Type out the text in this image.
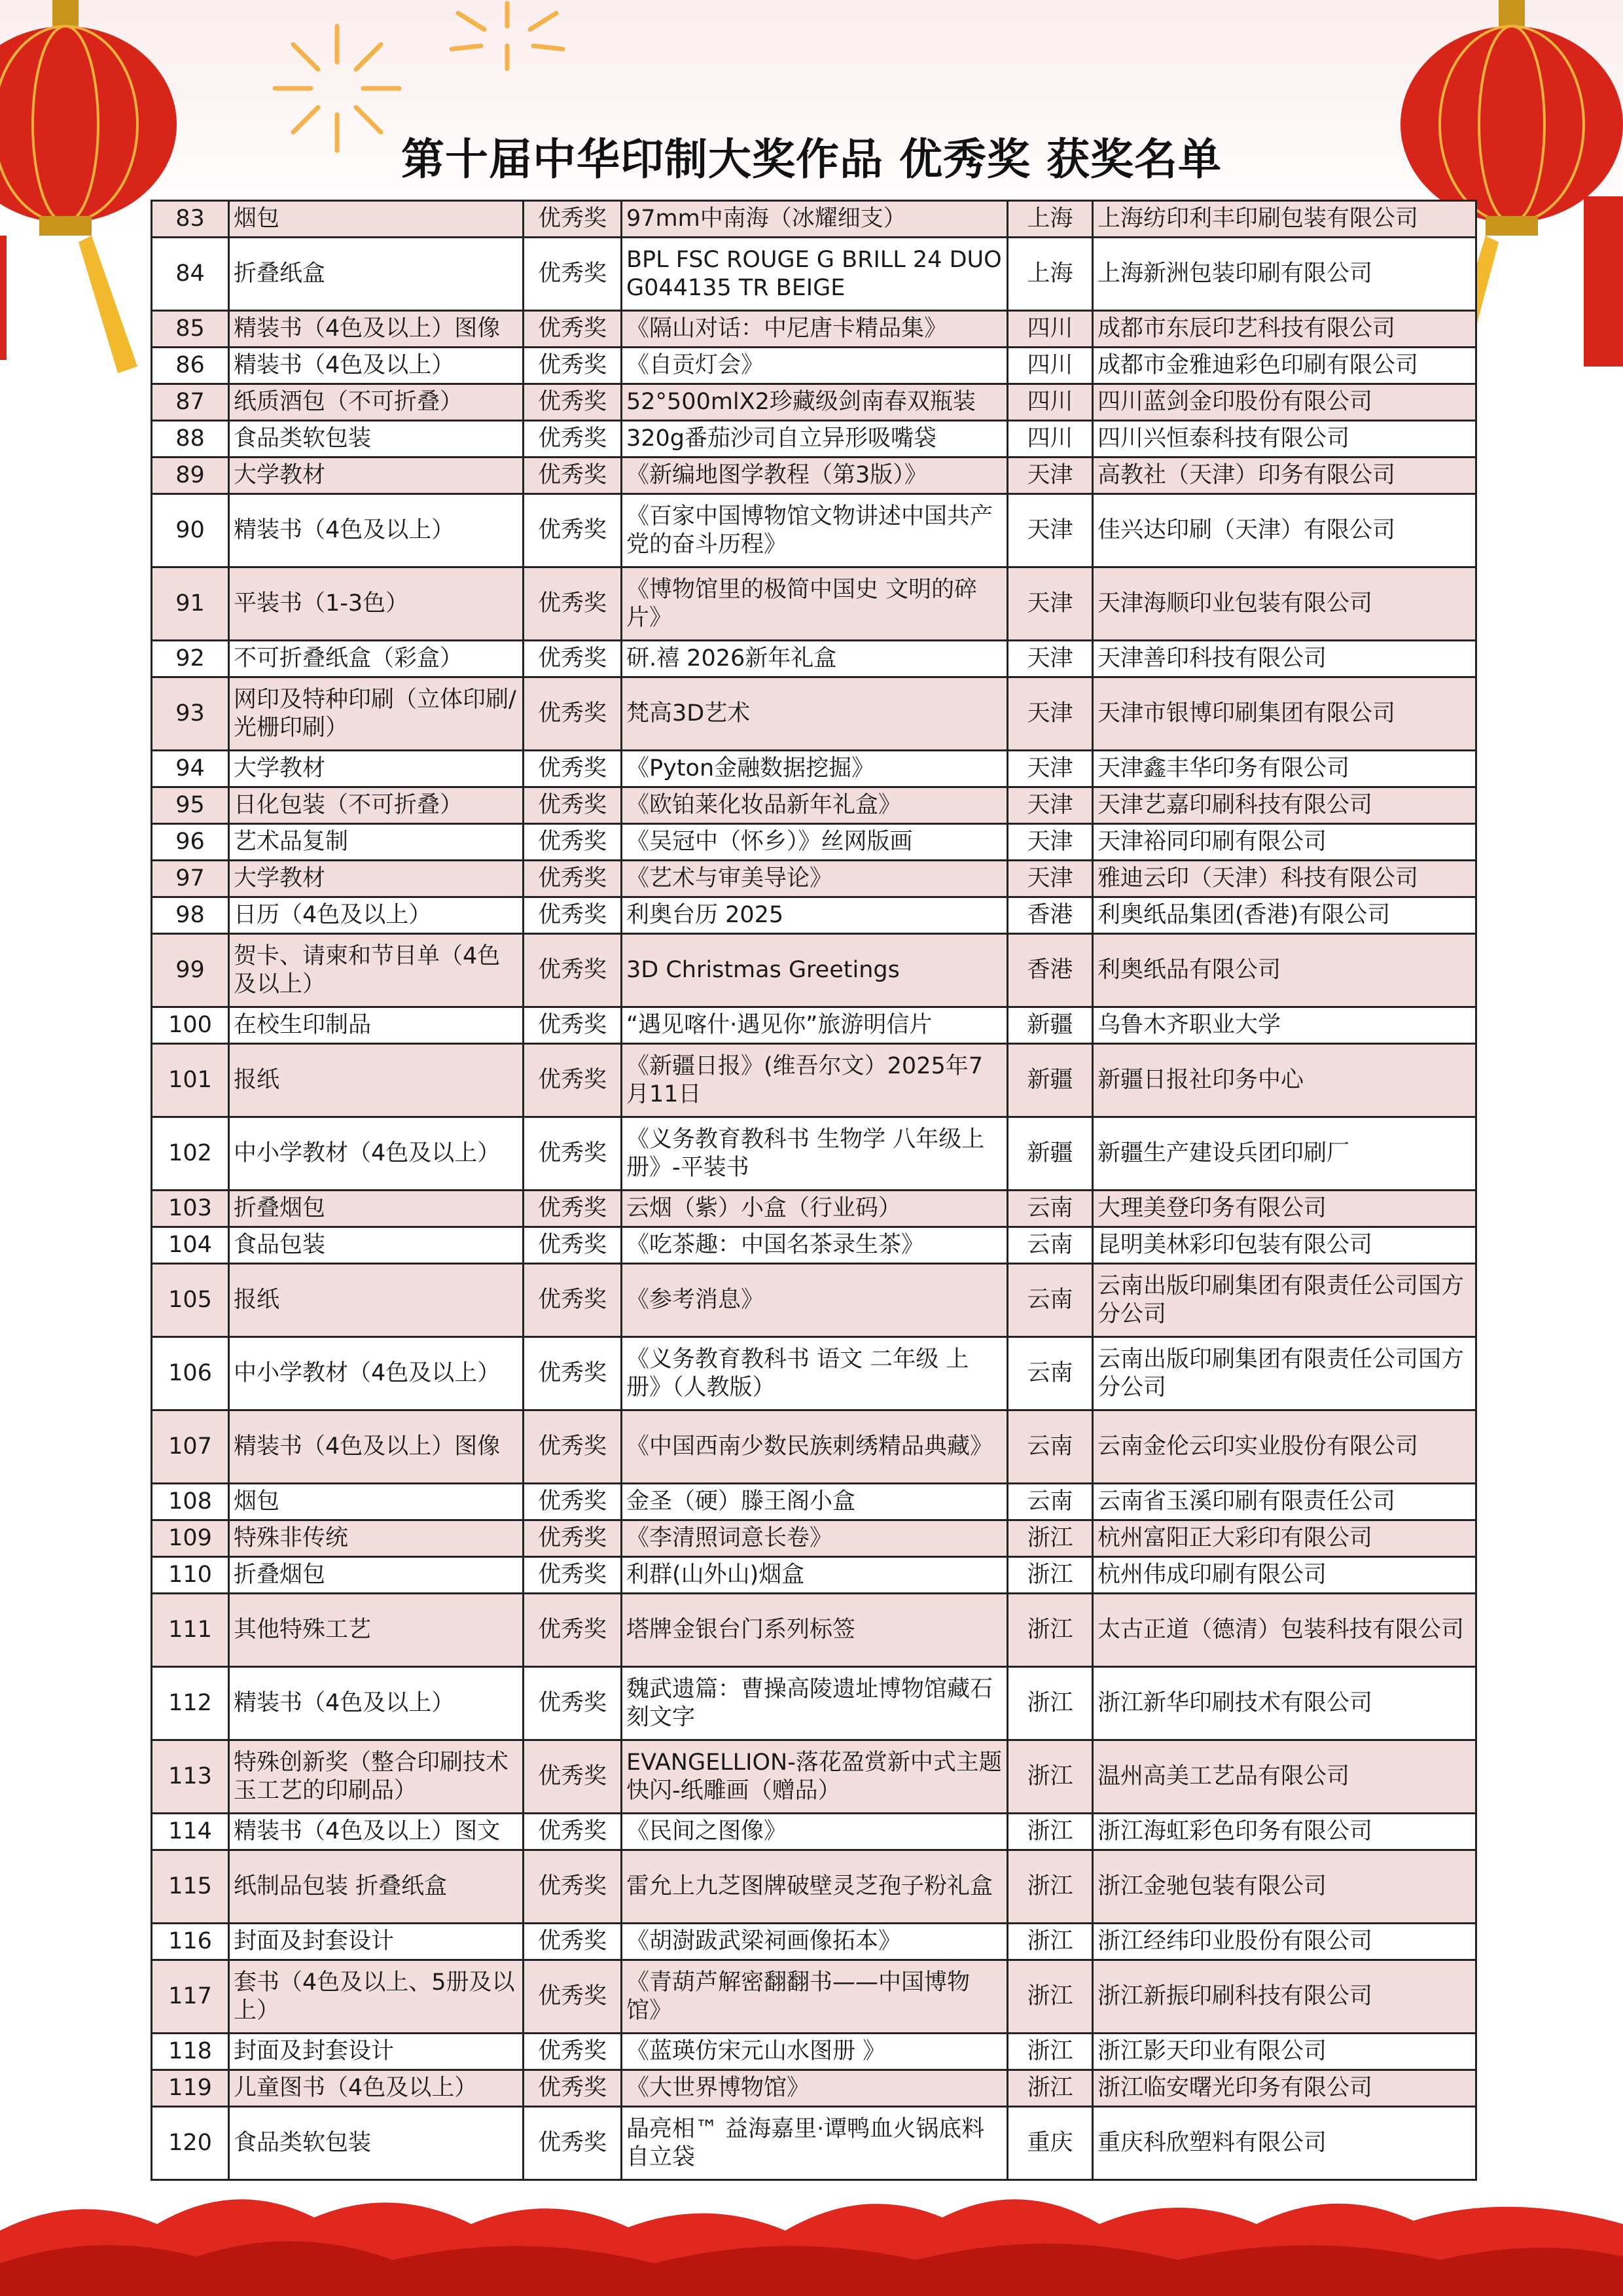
第十届中华印制大奖作品 优秀奖 获奖名单
83	烟包	优秀奖	97mm中南海（冰耀细支）	上海	上海纺印利丰印刷包装有限公司
84	折叠纸盒	优秀奖	BPL FSC ROUGE G BRILL 24 DUO G044135 TR BEIGE	上海	上海新洲包装印刷有限公司
85	精装书（4色及以上）图像	优秀奖	《隔山对话：中尼唐卡精品集》	四川	成都市东辰印艺科技有限公司
86	精装书（4色及以上）	优秀奖	《自贡灯会》	四川	成都市金雅迪彩色印刷有限公司
87	纸质酒包（不可折叠）	优秀奖	52°500mlX2珍藏级剑南春双瓶装	四川	四川蓝剑金印股份有限公司
88	食品类软包装	优秀奖	320g番茄沙司自立异形吸嘴袋	四川	四川兴恒泰科技有限公司
89	大学教材	优秀奖	《新编地图学教程（第3版）》	天津	高教社（天津）印务有限公司
90	精装书（4色及以上）	优秀奖	《百家中国博物馆文物讲述中国共产党的奋斗历程》	天津	佳兴达印刷（天津）有限公司
91	平装书（1-3色）	优秀奖	《博物馆里的极简中国史 文明的碎片》	天津	天津海顺印业包装有限公司
92	不可折叠纸盒（彩盒）	优秀奖	研.禧 2026新年礼盒	天津	天津善印科技有限公司
93	网印及特种印刷（立体印刷/光栅印刷）	优秀奖	梵高3D艺术	天津	天津市银博印刷集团有限公司
94	大学教材	优秀奖	《Pyton金融数据挖掘》	天津	天津鑫丰华印务有限公司
95	日化包装（不可折叠）	优秀奖	《欧铂莱化妆品新年礼盒》	天津	天津艺嘉印刷科技有限公司
96	艺术品复制	优秀奖	《吴冠中（怀乡）》丝网版画	天津	天津裕同印刷有限公司
97	大学教材	优秀奖	《艺术与审美导论》	天津	雅迪云印（天津）科技有限公司
98	日历（4色及以上）	优秀奖	利奥台历 2025	香港	利奥纸品集团(香港)有限公司
99	贺卡、请柬和节目单（4色及以上）	优秀奖	3D Christmas Greetings	香港	利奥纸品有限公司
100	在校生印制品	优秀奖	“遇见喀什·遇见你”旅游明信片	新疆	乌鲁木齐职业大学
101	报纸	优秀奖	《新疆日报》(维吾尔文）2025年7月11日	新疆	新疆日报社印务中心
102	中小学教材（4色及以上）	优秀奖	《义务教育教科书 生物学 八年级上册》-平装书	新疆	新疆生产建设兵团印刷厂
103	折叠烟包	优秀奖	云烟（紫）小盒（行业码）	云南	大理美登印务有限公司
104	食品包装	优秀奖	《吃茶趣：中国名茶录生茶》	云南	昆明美林彩印包装有限公司
105	报纸	优秀奖	《参考消息》	云南	云南出版印刷集团有限责任公司国方分公司
106	中小学教材（4色及以上）	优秀奖	《义务教育教科书 语文 二年级 上册》（人教版）	云南	云南出版印刷集团有限责任公司国方分公司
107	精装书（4色及以上）图像	优秀奖	《中国西南少数民族刺绣精品典藏》	云南	云南金伦云印实业股份有限公司
108	烟包	优秀奖	金圣（硬）滕王阁小盒	云南	云南省玉溪印刷有限责任公司
109	特殊非传统	优秀奖	《李清照词意长卷》	浙江	杭州富阳正大彩印有限公司
110	折叠烟包	优秀奖	利群(山外山)烟盒	浙江	杭州伟成印刷有限公司
111	其他特殊工艺	优秀奖	塔牌金银台门系列标签	浙江	太古正道（德清）包装科技有限公司
112	精装书（4色及以上）	优秀奖	魏武遗篇：曹操高陵遗址博物馆藏石刻文字	浙江	浙江新华印刷技术有限公司
113	特殊创新奖（整合印刷技术玉工艺的印刷品）	优秀奖	EVANGELLION-落花盈赏新中式主题快闪-纸雕画（赠品）	浙江	温州高美工艺品有限公司
114	精装书（4色及以上）图文	优秀奖	《民间之图像》	浙江	浙江海虹彩色印务有限公司
115	纸制品包装 折叠纸盒	优秀奖	雷允上九芝图牌破壁灵芝孢子粉礼盒	浙江	浙江金驰包装有限公司
116	封面及封套设计	优秀奖	《胡澍跋武梁祠画像拓本》	浙江	浙江经纬印业股份有限公司
117	套书（4色及以上、5册及以上）	优秀奖	《青葫芦解密翻翻书——中国博物馆》	浙江	浙江新振印刷科技有限公司
118	封面及封套设计	优秀奖	《蓝瑛仿宋元山水图册 》	浙江	浙江影天印业有限公司
119	儿童图书（4色及以上）	优秀奖	《大世界博物馆》	浙江	浙江临安曙光印务有限公司
120	食品类软包装	优秀奖	晶亮相™ 益海嘉里·谭鸭血火锅底料自立袋	重庆	重庆科欣塑料有限公司
